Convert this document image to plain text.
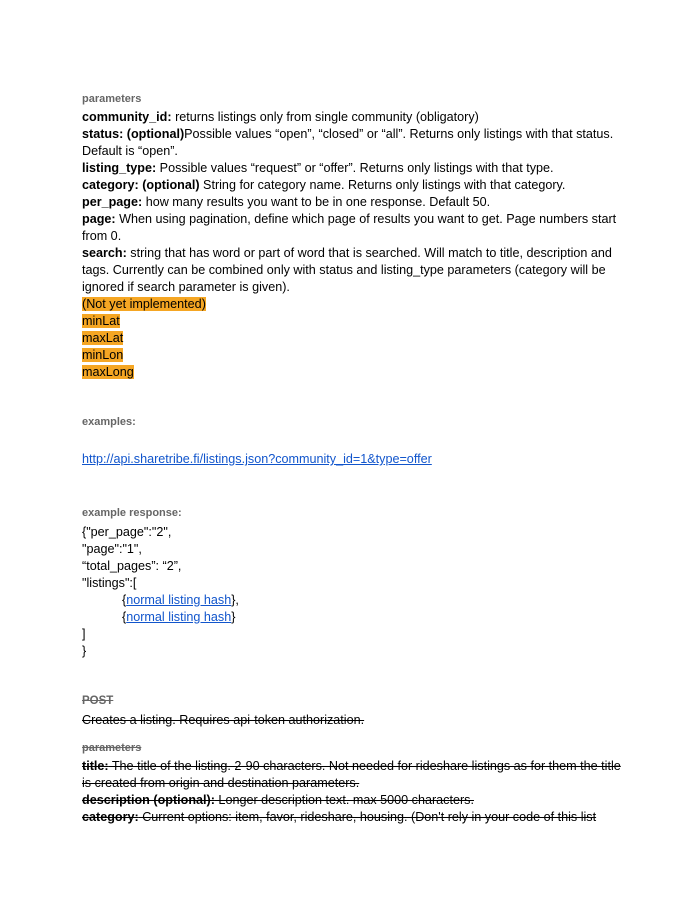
parameters
community_id: returns listings only from single community (obligatory)
status: (optional)Possible values “open”, “closed” or “all”. Returns only listings with that status. Default is “open”.
listing_type: Possible values “request” or “offer”. Returns only listings with that type.
category: (optional) String for category name. Returns only listings with that category.
per_page: how many results you want to be in one response. Default 50.
page: When using pagination, define which page of results you want to get. Page numbers start from 0.
search: string that has word or part of word that is searched. Will match to title, description and tags. Currently can be combined only with status and listing_type parameters (category will be ignored if search parameter is given).
(Not yet implemented)
minLat
maxLat
minLon
maxLong
examples:
http://api.sharetribe.fi/listings.json?community_id=1&type=offer
example response:
{"per_page":"2",
"page":"1",
“total_pages”: “2”,
"listings":[
{normal listing hash},
{normal listing hash}
]
}
POST
Creates a listing. Requires api-token authorization.
parameters
title: The title of the listing. 2-90 characters. Not needed for rideshare listings as for them the title is created from origin and destination parameters.
description (optional): Longer description text. max 5000 characters.
category: Current options: item, favor, rideshare, housing. (Don't rely in your code of this list
